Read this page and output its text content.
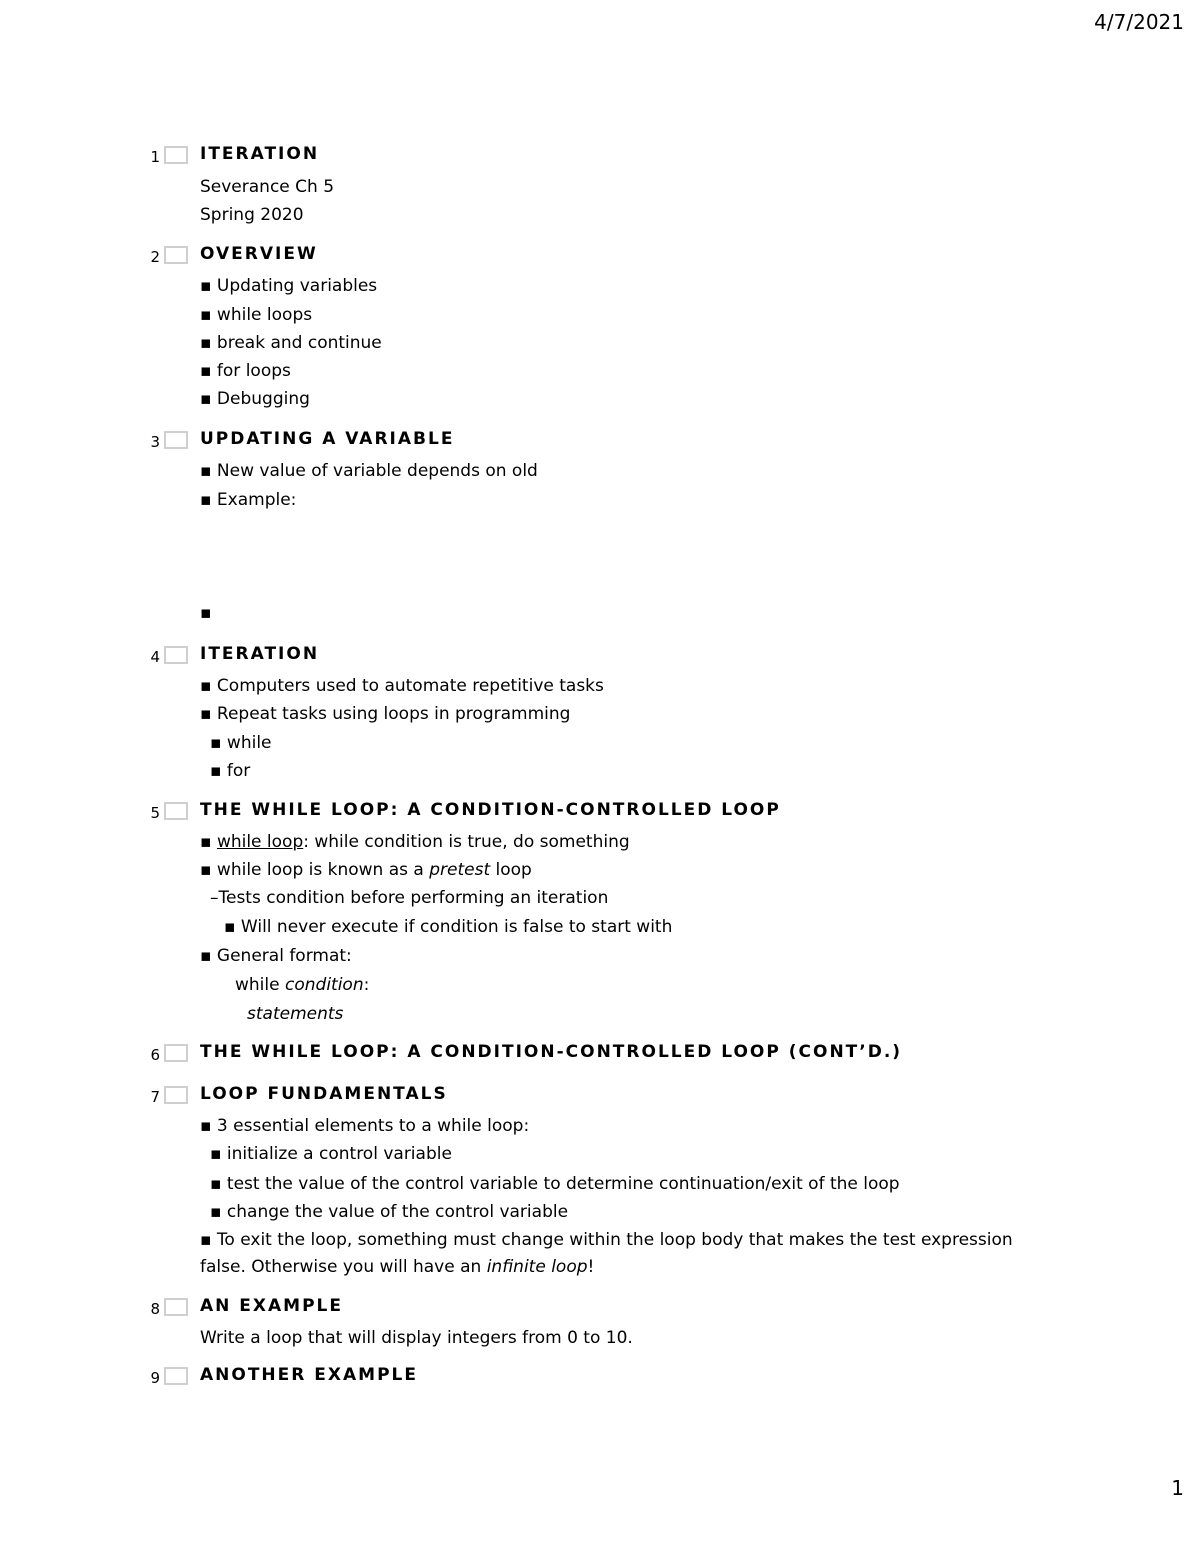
4/7/2021
1 ITERATION
Severance Ch 5
Spring 2020
2 OVERVIEW
▪ Updating variables
▪ while loops
▪ break and continue
▪ for loops
▪ Debugging
3 UPDATING A VARIABLE
▪ New value of variable depends on old
▪ Example:
▪
4 ITERATION
▪ Computers used to automate repetitive tasks
▪ Repeat tasks using loops in programming
▪ while
▪ for
5 THE WHILE LOOP: A CONDITION-CONTROLLED LOOP
▪ while loop: while condition is true, do something
▪ while loop is known as a pretest loop
–Tests condition before performing an iteration
▪ Will never execute if condition is false to start with
▪ General format:
while condition:
statements
6 THE WHILE LOOP: A CONDITION-CONTROLLED LOOP (CONT’D.)
7 LOOP FUNDAMENTALS
▪ 3 essential elements to a while loop:
▪ initialize a control variable
▪ test the value of the control variable to determine continuation/exit of the loop
▪ change the value of the control variable
▪ To exit the loop, something must change within the loop body that makes the test expression false. Otherwise you will have an infinite loop!
8 AN EXAMPLE
Write a loop that will display integers from 0 to 10.
9 ANOTHER EXAMPLE
1
